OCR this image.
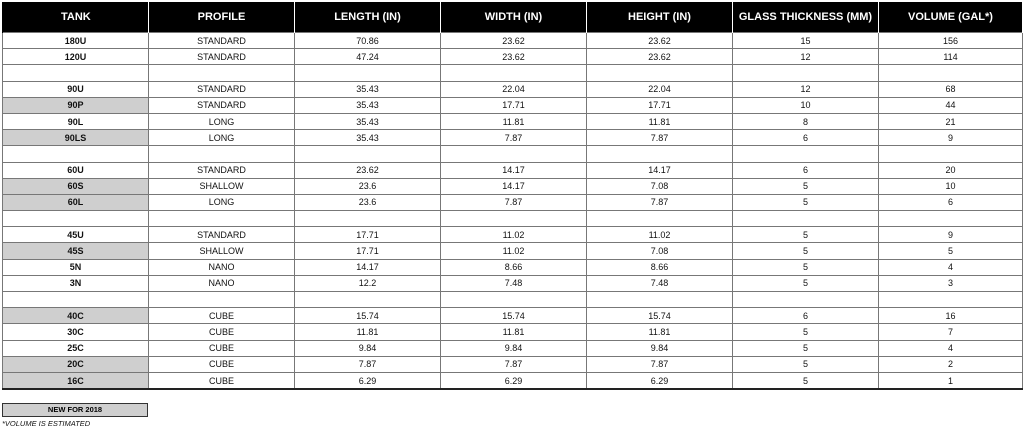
TANK	PROFILE	LENGTH (IN)	WIDTH (IN)	HEIGHT (IN)	GLASS THICKNESS (MM)	VOLUME (GAL*)
180U	STANDARD	70.86	23.62	23.62	15	156
120U	STANDARD	47.24	23.62	23.62	12	114

90U	STANDARD	35.43	22.04	22.04	12	68
90P	STANDARD	35.43	17.71	17.71	10	44
90L	LONG	35.43	11.81	11.81	8	21
90LS	LONG	35.43	7.87	7.87	6	9

60U	STANDARD	23.62	14.17	14.17	6	20
60S	SHALLOW	23.6	14.17	7.08	5	10
60L	LONG	23.6	7.87	7.87	5	6

45U	STANDARD	17.71	11.02	11.02	5	9
45S	SHALLOW	17.71	11.02	7.08	5	5
5N	NANO	14.17	8.66	8.66	5	4
3N	NANO	12.2	7.48	7.48	5	3

40C	CUBE	15.74	15.74	15.74	6	16
30C	CUBE	11.81	11.81	11.81	5	7
25C	CUBE	9.84	9.84	9.84	5	4
20C	CUBE	7.87	7.87	7.87	5	2
16C	CUBE	6.29	6.29	6.29	5	1
NEW FOR 2018
*VOLUME IS ESTIMATED
